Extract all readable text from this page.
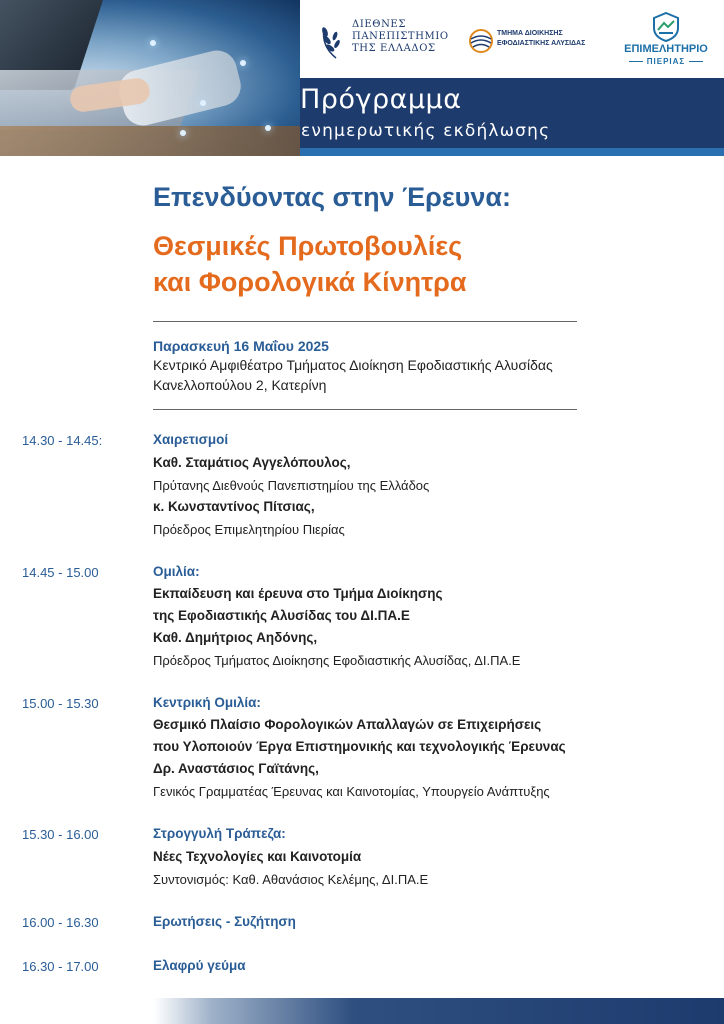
ΔΙΕΘΝΕΣ
ΠΑΝΕΠΙΣΤΗΜΙΟ
ΤΗΣ ΕΛΛΑΔΟΣ
ΤΜΗΜΑ ΔΙΟΙΚΗΣΗΣ
ΕΦΟΔΙΑΣΤΙΚΗΣ ΑΛΥΣΙΔΑΣ	ΕΠΙΜΕΛΗΤΗΡΙΟ
ΠΙΕΡΙΑΣ
Πρόγραμμα
ενημερωτικής εκδήλωσης
Επενδύοντας στην Έρευνα:
Θεσμικές Πρωτοβουλίες
και Φορολογικά Κίνητρα
Παρασκευή 16 Μαΐου 2025
Κεντρικό Αμφιθέατρο Τμήματος Διοίκηση Εφοδιαστικής Αλυσίδας
Κανελλοπούλου 2, Κατερίνη
14.30 - 14.45:	Χαιρετισμοί
Καθ. Σταμάτιος Αγγελόπουλος,
Πρύτανης Διεθνούς Πανεπιστημίου της Ελλάδος
κ. Κωνσταντίνος Πίτσιας,
Πρόεδρος Επιμελητηρίου Πιερίας
14.45 - 15.00	Ομιλία:
Εκπαίδευση και έρευνα στο Τμήμα Διοίκησης
της Εφοδιαστικής Αλυσίδας του ΔΙ.ΠΑ.Ε
Καθ. Δημήτριος Αηδόνης,
Πρόεδρος Τμήματος Διοίκησης Εφοδιαστικής Αλυσίδας, ΔΙ.ΠΑ.Ε
15.00 - 15.30	Κεντρική Ομιλία:
Θεσμικό Πλαίσιο Φορολογικών Απαλλαγών σε Επιχειρήσεις
που Υλοποιούν Έργα Επιστημονικής και τεχνολογικής Έρευνας
Δρ. Αναστάσιος Γαϊτάνης,
Γενικός Γραμματέας Έρευνας και Καινοτομίας, Υπουργείο Ανάπτυξης
15.30 - 16.00	Στρογγυλή Τράπεζα:
Νέες Τεχνολογίες και Καινοτομία
Συντονισμός: Καθ. Αθανάσιος Κελέμης, ΔΙ.ΠΑ.Ε
16.00 - 16.30	Ερωτήσεις - Συζήτηση
16.30 - 17.00	Ελαφρύ γεύμα
